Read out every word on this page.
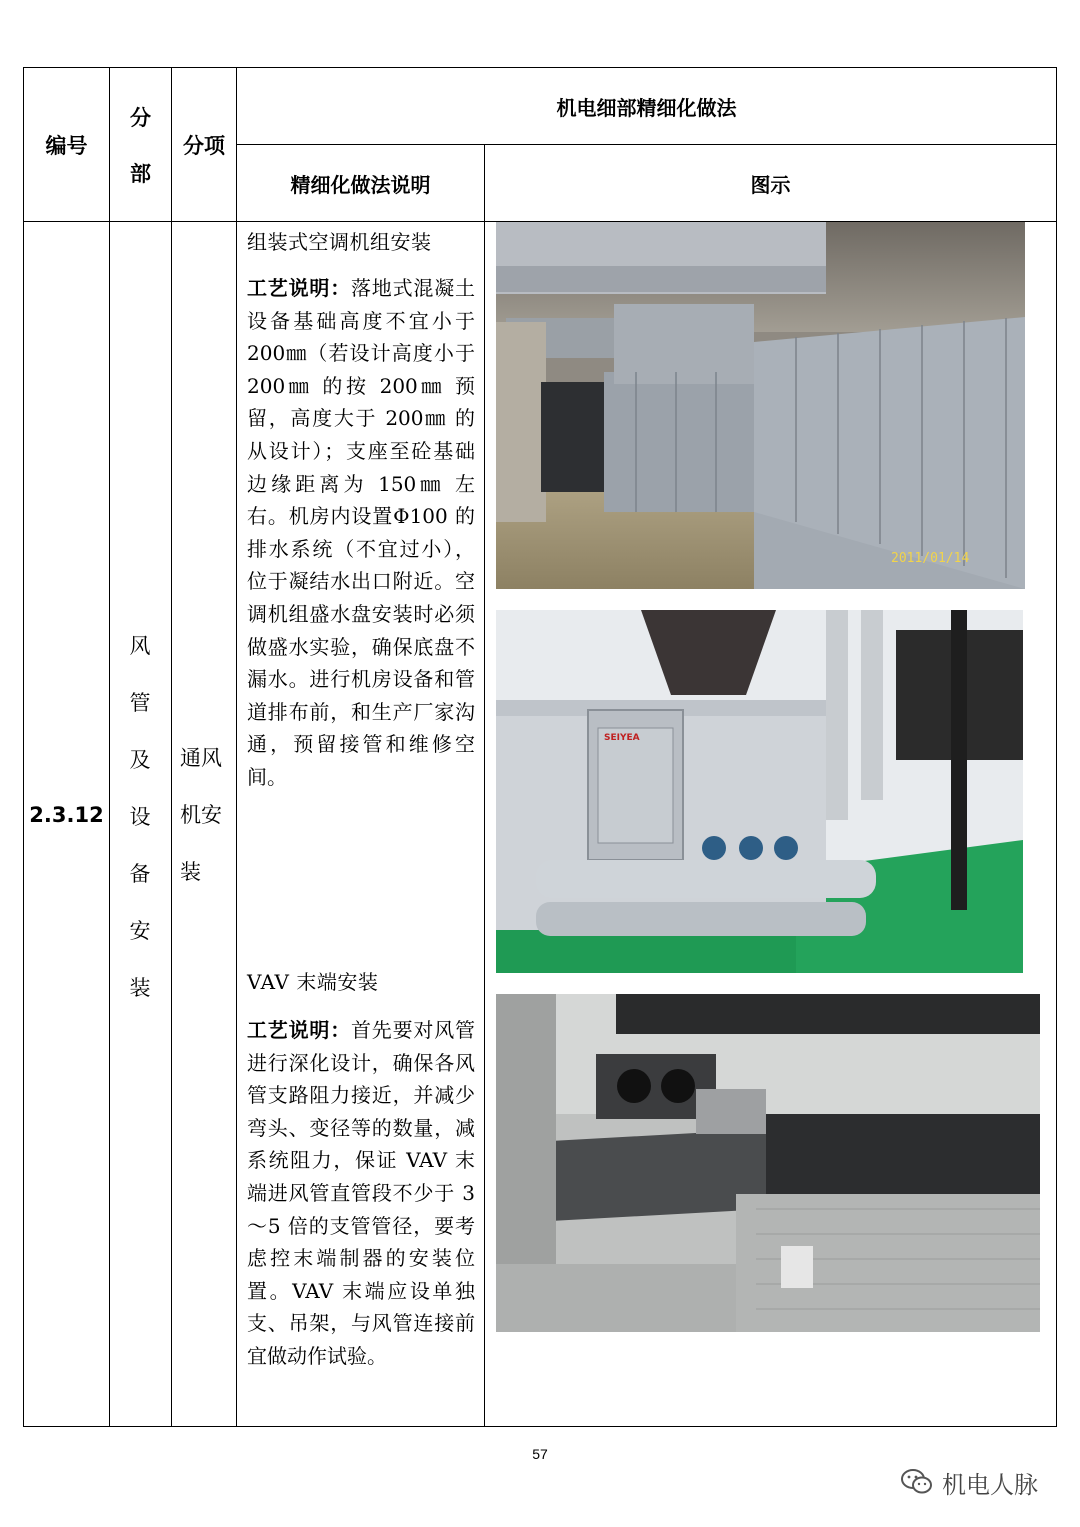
编号
分
部
分项
机电细部精细化做法
精细化做法说明	图示
2.3.12
风
管
及
设
备
安
装
通风
机安
装
组装式空调机组安装
工艺说明：落地式混凝土设备基础高度不宜小于200㎜（若设计高度小于 200㎜ 的按 200㎜ 预留，高度大于 200㎜ 的从设计）；支座至砼基础边缘距离为 150㎜ 左右。机房内设置Φ100 的排水系统（不宜过小），位于凝结水出口附近。空调机组盛水盘安装时必须做盛水实验，确保底盘不漏水。进行机房设备和管道排布前，和生产厂家沟通，预留接管和维修空间。
VAV 末端安装
工艺说明：首先要对风管进行深化设计，确保各风管支路阻力接近，并减少弯头、变径等的数量，减系统阻力，保证 VAV 末端进风管直管段不少于 3～5 倍的支管管径，要考虑控末端制器的安装位置。VAV 末端应设单独支、吊架，与风管连接前宜做动作试验。
2011/01/14
SEIYEA
57
机电人脉
